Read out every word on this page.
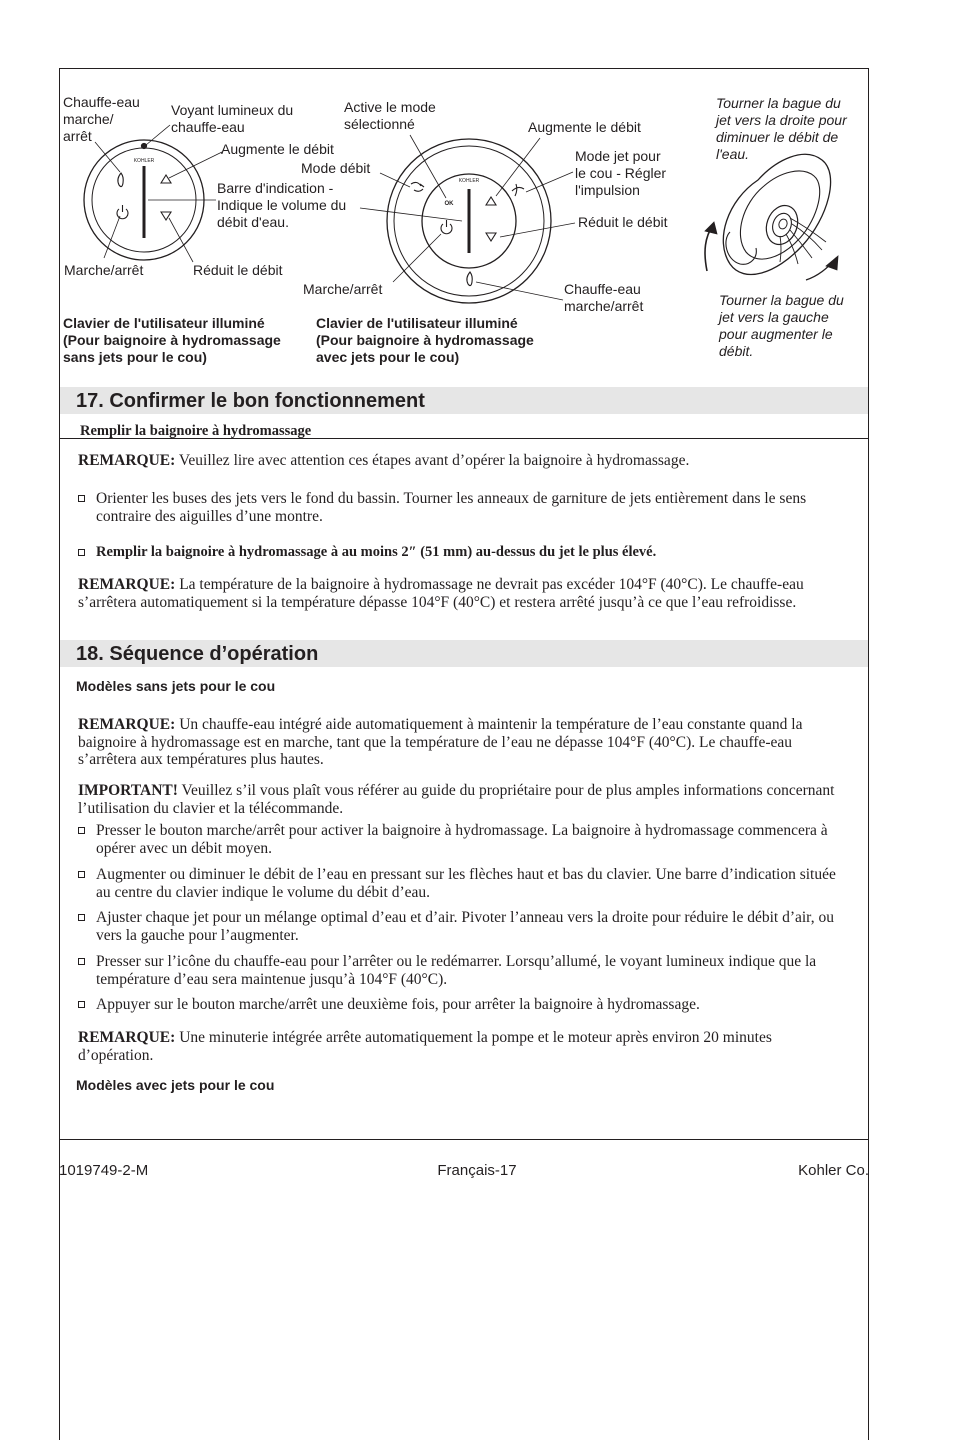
KOHLER
KOHLER
OK
Chauffe-eau
marche/
arrêt
Voyant lumineux du
chauffe-eau
Augmente le débit
Barre d'indication -
Indique le volume du
débit d'eau.
Marche/arrêt	Réduit le débit
Clavier de l'utilisateur illuminé
(Pour baignoire à hydromassage
sans jets pour le cou)
Active le mode
sélectionné	Augmente le débit
Mode débit
Mode jet pour
le cou - Régler
l'impulsion
Réduit le débit
Marche/arrêt	Chauffe-eau
marche/arrêt
Clavier de l'utilisateur illuminé
(Pour baignoire à hydromassage
avec jets pour le cou)
Tourner la bague du
jet vers la droite pour
diminuer le débit de
l'eau.
Tourner la bague du
jet vers la gauche
pour augmenter le
débit.
17. Confirmer le bon fonctionnement
Remplir la baignoire à hydromassage
REMARQUE: Veuillez lire avec attention ces étapes avant d’opérer la baignoire à hydromassage.
Orienter les buses des jets vers le fond du bassin. Tourner les anneaux de garniture de jets entièrement dans le sens contraire des aiguilles d’une montre.
Remplir la baignoire à hydromassage à au moins 2″ (51 mm) au-dessus du jet le plus élevé.
REMARQUE: La température de la baignoire à hydromassage ne devrait pas excéder 104°F (40°C). Le chauffe-eau s’arrêtera automatiquement si la température dépasse 104°F (40°C) et restera arrêté jusqu’à ce que l’eau refroidisse.
18. Séquence d’opération
Modèles sans jets pour le cou
REMARQUE: Un chauffe-eau intégré aide automatiquement à maintenir la température de l’eau constante quand la baignoire à hydromassage est en marche, tant que la température de l’eau ne dépasse 104°F (40°C). Le chauffe-eau s’arrêtera aux températures plus hautes.
IMPORTANT! Veuillez s’il vous plaît vous référer au guide du propriétaire pour de plus amples informations concernant l’utilisation du clavier et la télécommande.
Presser le bouton marche/arrêt pour activer la baignoire à hydromassage. La baignoire à hydromassage commencera à opérer avec un débit moyen.
Augmenter ou diminuer le débit de l’eau en pressant sur les flèches haut et bas du clavier. Une barre d’indication située au centre du clavier indique le volume du débit d’eau.
Ajuster chaque jet pour un mélange optimal d’eau et d’air. Pivoter l’anneau vers la droite pour réduire le débit d’air, ou vers la gauche pour l’augmenter.
Presser sur l’icône du chauffe-eau pour l’arrêter ou le redémarrer. Lorsqu’allumé, le voyant lumineux indique que la température d’eau sera maintenue jusqu’à 104°F (40°C).
Appuyer sur le bouton marche/arrêt une deuxième fois, pour arrêter la baignoire à hydromassage.
REMARQUE: Une minuterie intégrée arrête automatiquement la pompe et le moteur après environ 20 minutes d’opération.
Modèles avec jets pour le cou
1019749-2-M	Français-17	Kohler Co.
